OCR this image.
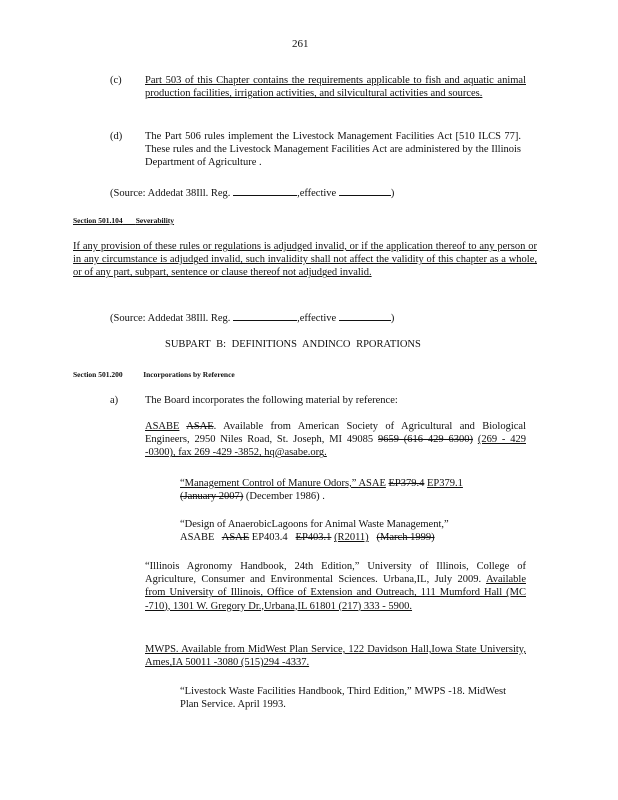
261
(c) Part 503 of this Chapter contains the requirements applicable to fish and aquatic animal production facilities, irrigation activities, and silvicultural activities and sources.
(d) The Part 506 rules implement the Livestock Management Facilities Act [510 ILCS 77]. These rules and the Livestock Management Facilities Act are administered by the Illinois Department of Agriculture .
(Source: Addedat 38Ill. Reg.	,effective	)
Section 501.104 Severability
If any provision of these rules or regulations is adjudged invalid, or if the application thereof to any person or in any circumstance is adjudged invalid, such invalidity shall not affect the validity of this chapter as a whole, or of any part, subpart, sentence or clause thereof not adjudged invalid.
(Source: Addedat 38Ill. Reg.	,effective	)
SUBPART B: DEFINITIONS ANDINCO RPORATIONS
Section 501.200	Incorporations by Reference
a)	The Board incorporates the following material by reference:
ASABE ASAE. Available from American Society of Agricultural and Biological Engineers, 2950 Niles Road, St. Joseph, MI 49085 9659 (616 429 6300) (269 - 429 -0300), fax 269 -429 -3852, hq@asabe.org.
“Management Control of Manure Odors,” ASAE EP379.4 EP379.1
(January 2007) (December 1986) .
“Design of AnaerobicLagoons for Animal Waste Management,”
ASABE ASAE EP403.4 EP403.1 (R2011) (March 1999)
“Illinois Agronomy Handbook, 24th Edition,” University of Illinois, College of Agriculture, Consumer and Environmental Sciences. Urbana,IL, July 2009. Available from University of Illinois, Office of Extension and Outreach, 111 Mumford Hall (MC -710), 1301 W. Gregory Dr.,Urbana,IL 61801 (217) 333 - 5900.
MWPS. Available from MidWest Plan Service, 122 Davidson Hall,Iowa State University, Ames,IA 50011 -3080 (515)294 -4337.
“Livestock Waste Facilities Handbook, Third Edition,” MWPS -18. MidWest Plan Service. April 1993.
